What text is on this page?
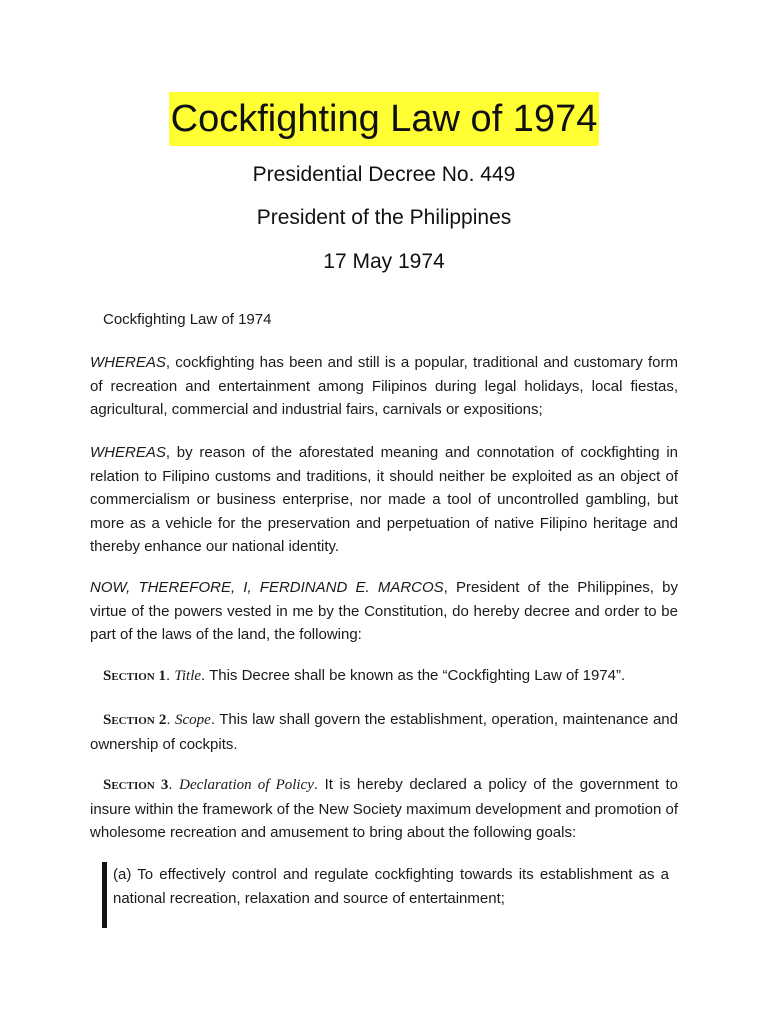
Cockfighting Law of 1974

Presidential Decree No. 449

President of the Philippines

17 May 1974

Cockfighting Law of 1974

WHEREAS, cockfighting has been and still is a popular, traditional and customary form of recreation and entertainment among Filipinos during legal holidays, local fiestas, agricultural, commercial and industrial fairs, carnivals or expositions;

WHEREAS, by reason of the aforestated meaning and connotation of cockfighting in relation to Filipino customs and traditions, it should neither be exploited as an object of commercialism or business enterprise, nor made a tool of uncontrolled gambling, but more as a vehicle for the preservation and perpetuation of native Filipino heritage and thereby enhance our national identity.

NOW, THEREFORE, I, FERDINAND E. MARCOS, President of the Philippines, by virtue of the powers vested in me by the Constitution, do hereby decree and order to be part of the laws of the land, the following:

Section 1. Title. This Decree shall be known as the “Cockfighting Law of 1974”.

Section 2. Scope. This law shall govern the establishment, operation, maintenance and ownership of cockpits.

Section 3. Declaration of Policy. It is hereby declared a policy of the government to insure within the framework of the New Society maximum development and promotion of wholesome recreation and amusement to bring about the following goals:

(a) To effectively control and regulate cockfighting towards its establishment as a national recreation, relaxation and source of entertainment;
